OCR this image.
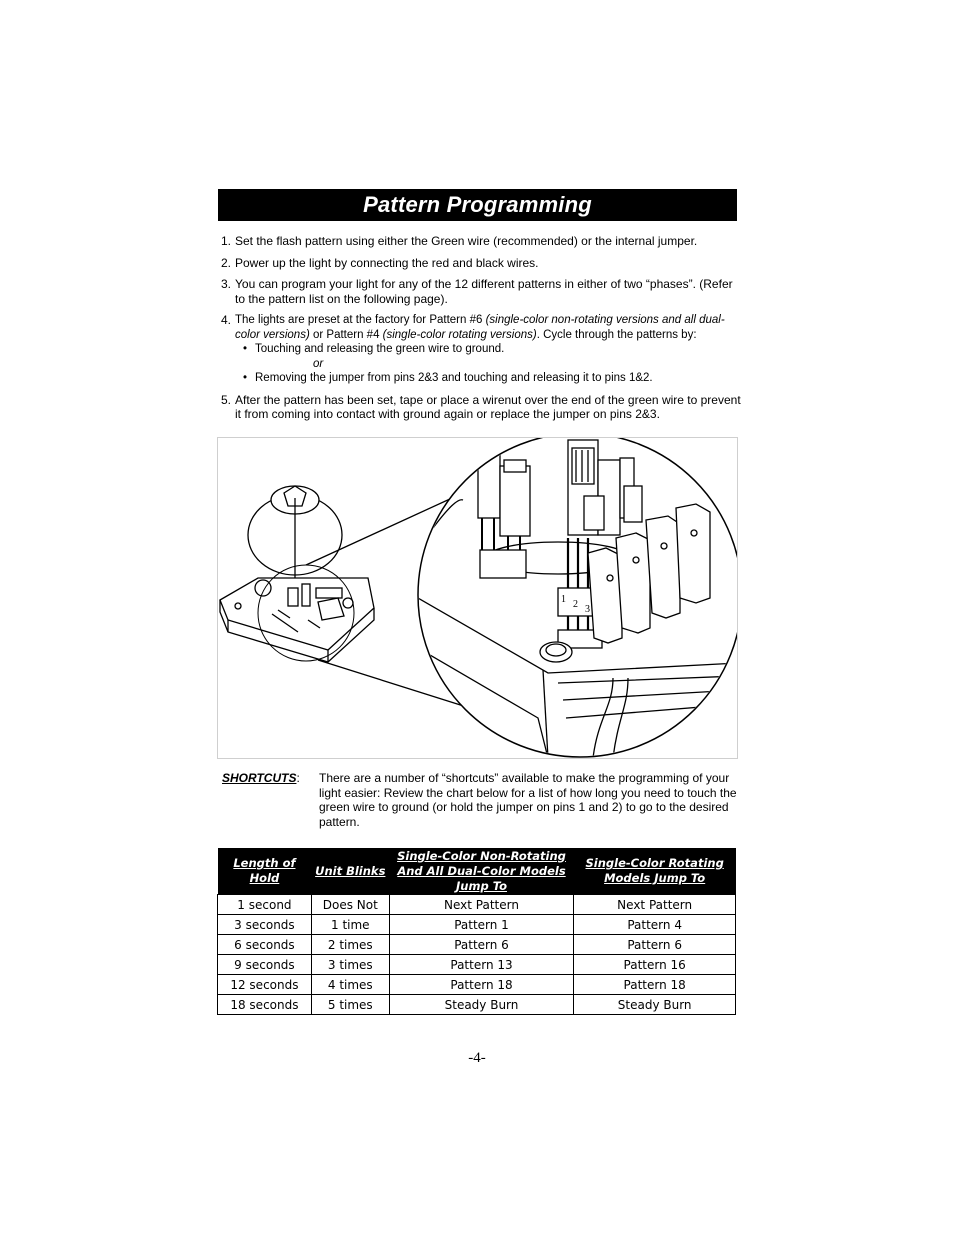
Pattern Programming
1. Set the flash pattern using either the Green wire (recommended) or the internal jumper.
2. Power up the light by connecting the red and black wires.
3. You can program your light for any of the 12 different patterns in either of two “phases”. (Refer to the pattern list on the following page).
4. The lights are preset at the factory for Pattern #6 (single-color non-rotating versions and all dual-color versions) or Pattern #4 (single-color rotating versions). Cycle through the patterns by:
• Touching and releasing the green wire to ground.
or
• Removing the jumper from pins 2&3 and touching and releasing it to pins 1&2.
5. After the pattern has been set, tape or place a wirenut over the end of the green wire to prevent it from coming into contact with ground again or replace the jumper on pins 2&3.
1 2 3
SHORTCUTS:	There are a number of “shortcuts” available to make the programming of your light easier: Review the chart below for a list of how long you need to touch the green wire to ground (or hold the jumper on pins 1 and 2) to go to the desired pattern.
Length of Hold	Unit Blinks	Single-Color Non-Rotating And All Dual-Color Models Jump To	Single-Color Rotating Models Jump To
1 second	Does Not	Next Pattern	Next Pattern
3 seconds	1 time	Pattern 1	Pattern 4
6 seconds	2 times	Pattern 6	Pattern 6
9 seconds	3 times	Pattern 13	Pattern 16
12 seconds	4 times	Pattern 18	Pattern 18
18 seconds	5 times	Steady Burn	Steady Burn
-4-
